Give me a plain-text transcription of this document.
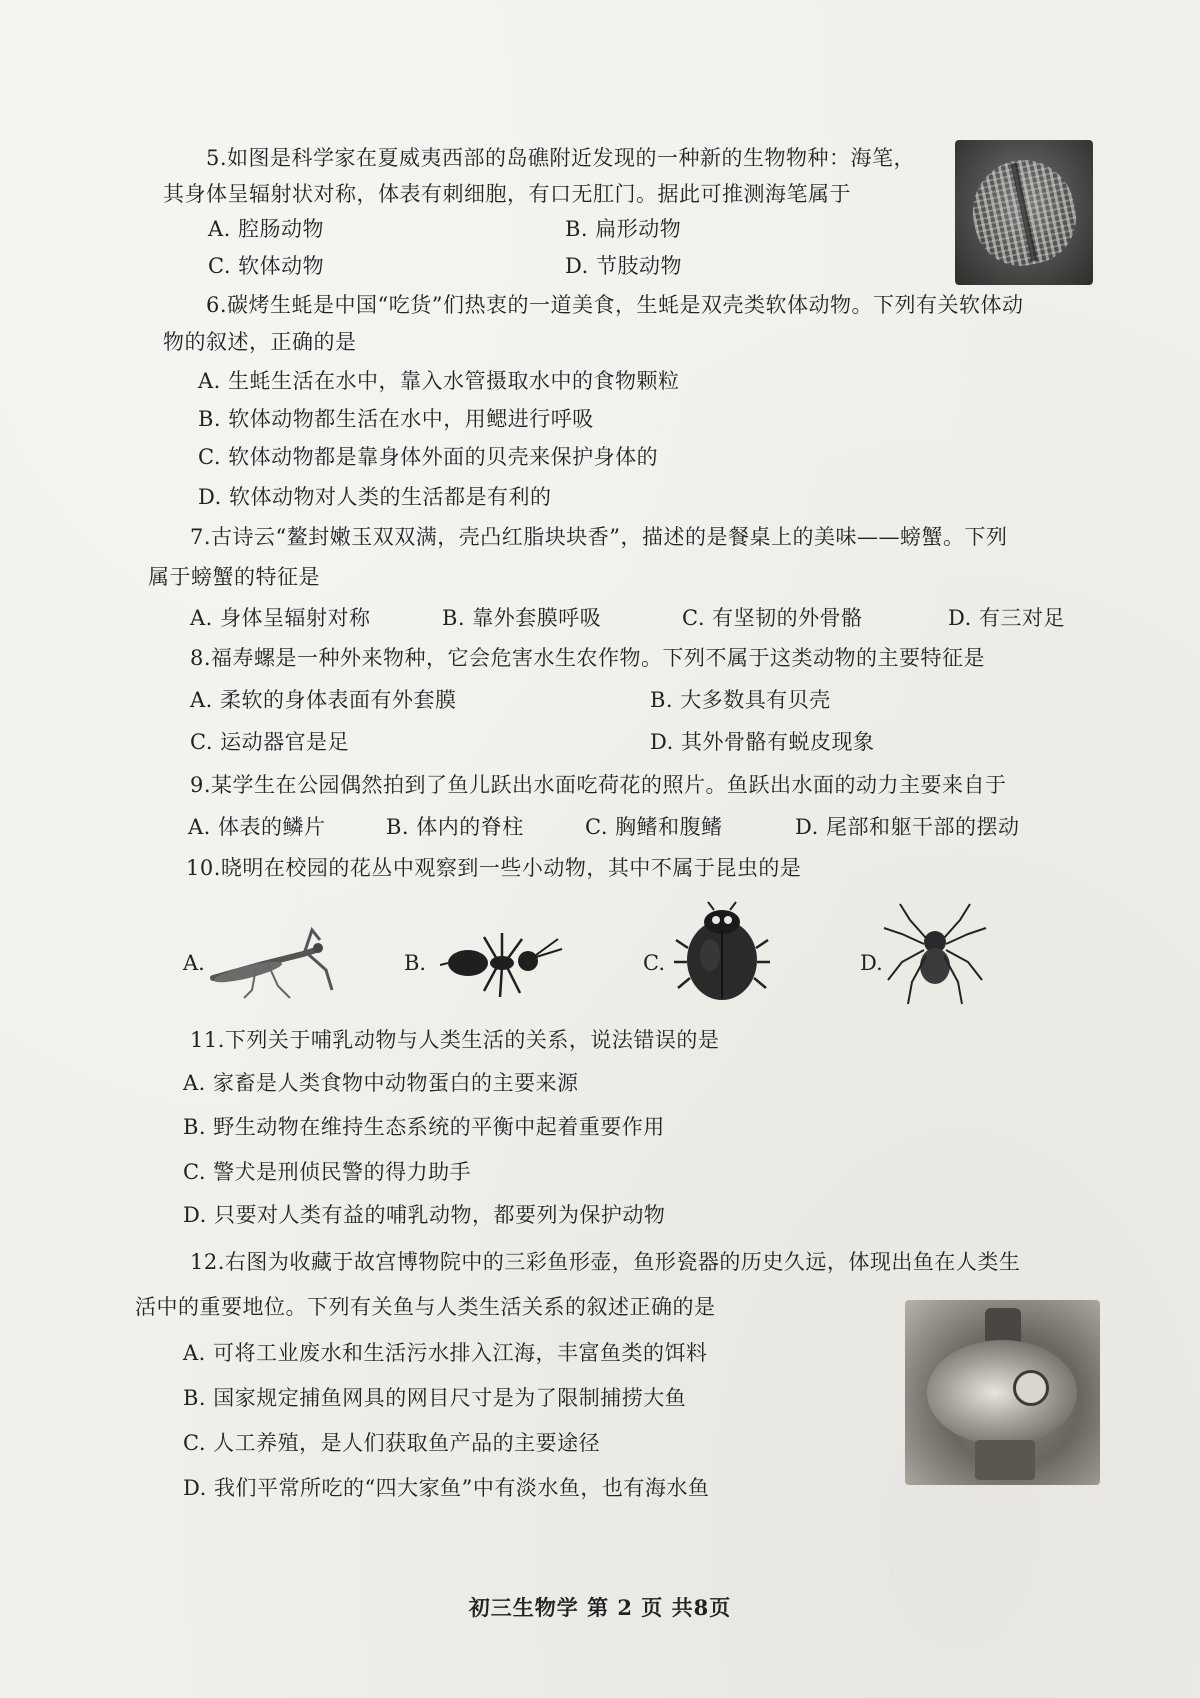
5.如图是科学家在夏威夷西部的岛礁附近发现的一种新的生物物种：海笔，
其身体呈辐射状对称，体表有刺细胞，有口无肛门。据此可推测海笔属于
A. 腔肠动物	B. 扁形动物
C. 软体动物	D. 节肢动物
6.碳烤生蚝是中国“吃货”们热衷的一道美食，生蚝是双壳类软体动物。下列有关软体动
物的叙述，正确的是
A. 生蚝生活在水中，靠入水管摄取水中的食物颗粒
B. 软体动物都生活在水中，用鳃进行呼吸
C. 软体动物都是靠身体外面的贝壳来保护身体的
D. 软体动物对人类的生活都是有利的
7.古诗云“鳌封嫩玉双双满，壳凸红脂块块香”，描述的是餐桌上的美味——螃蟹。下列
属于螃蟹的特征是
A. 身体呈辐射对称	B. 靠外套膜呼吸	C. 有坚韧的外骨骼	D. 有三对足
8.福寿螺是一种外来物种，它会危害水生农作物。下列不属于这类动物的主要特征是
A. 柔软的身体表面有外套膜	B. 大多数具有贝壳
C. 运动器官是足	D. 其外骨骼有蜕皮现象
9.某学生在公园偶然拍到了鱼儿跃出水面吃荷花的照片。鱼跃出水面的动力主要来自于
A. 体表的鳞片	B. 体内的脊柱	C. 胸鳍和腹鳍	D. 尾部和躯干部的摆动
10.晓明在校园的花丛中观察到一些小动物，其中不属于昆虫的是
A.	B.	C.	D.
11.下列关于哺乳动物与人类生活的关系，说法错误的是
A. 家畜是人类食物中动物蛋白的主要来源
B. 野生动物在维持生态系统的平衡中起着重要作用
C. 警犬是刑侦民警的得力助手
D. 只要对人类有益的哺乳动物，都要列为保护动物
12.右图为收藏于故宫博物院中的三彩鱼形壶，鱼形瓷器的历史久远，体现出鱼在人类生
活中的重要地位。下列有关鱼与人类生活关系的叙述正确的是
A. 可将工业废水和生活污水排入江海，丰富鱼类的饵料
B. 国家规定捕鱼网具的网目尺寸是为了限制捕捞大鱼
C. 人工养殖，是人们获取鱼产品的主要途径
D. 我们平常所吃的“四大家鱼”中有淡水鱼，也有海水鱼
初三生物学 第 2 页 共8页
